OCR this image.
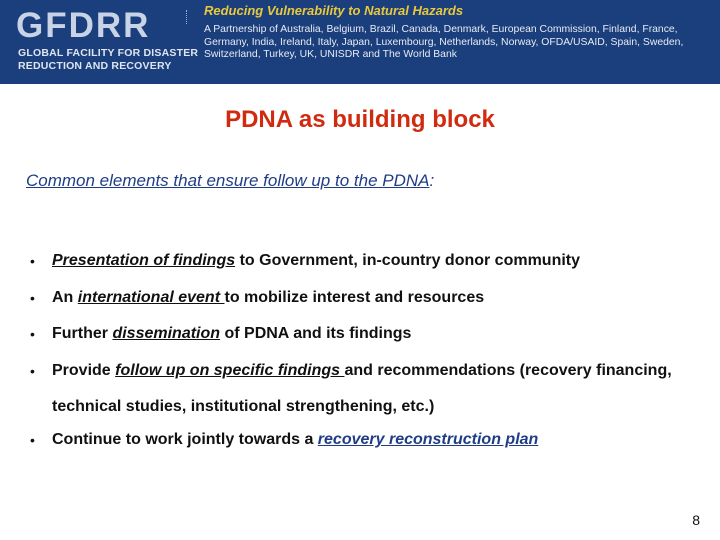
GFDRR
GLOBAL FACILITY FOR DISASTER
REDUCTION AND RECOVERY
Reducing Vulnerability to Natural Hazards
A Partnership of Australia, Belgium, Brazil, Canada, Denmark, European Commission, Finland, France, Germany, India, Ireland, Italy, Japan, Luxembourg, Netherlands, Norway, OFDA/USAID, Spain, Sweden, Switzerland, Turkey, UK, UNISDR and The World Bank
PDNA as building block
Common elements that ensure follow up to the PDNA:
• Presentation of findings to Government, in-country donor community
• An international event to mobilize interest and resources
• Further dissemination of PDNA and its findings
• Provide follow up on specific findings and recommendations (recovery financing, technical studies, institutional strengthening, etc.)
• Continue to work jointly towards a recovery reconstruction plan
8
